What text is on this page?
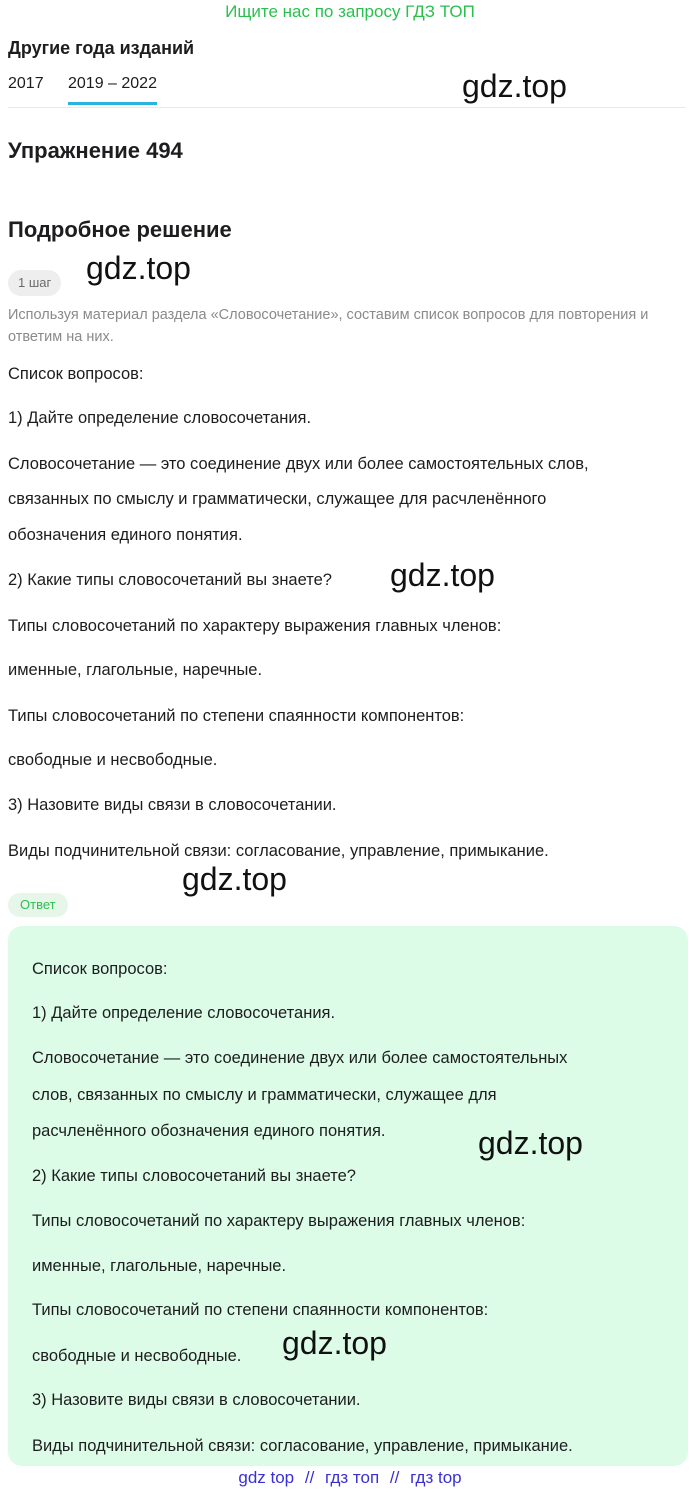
Ищите нас по запросу ГДЗ ТОП
Другие года изданий
2017 2019 – 2022	gdz.top
Упражнение 494
Подробное решение
1 шаг	gdz.top
Используя материал раздела «Словосочетание», составим список вопросов для повторения и ответим на них.
Список вопросов:
1) Дайте определение словосочетания.
Словосочетание — это соединение двух или более самостоятельных слов,
связанных по смыслу и грамматически, служащее для расчленённого
обозначения единого понятия.
2) Какие типы словосочетаний вы знаете? gdz.top
Типы словосочетаний по характеру выражения главных членов:
именные, глагольные, наречные.
Типы словосочетаний по степени спаянности компонентов:
свободные и несвободные.
3) Назовите виды связи в словосочетании.
Виды подчинительной связи: согласование, управление, примыкание.
gdz.top
Ответ
Список вопросов:
1) Дайте определение словосочетания.
Словосочетание — это соединение двух или более самостоятельных
слов, связанных по смыслу и грамматически, служащее для
расчленённого обозначения единого понятия.	gdz.top
2) Какие типы словосочетаний вы знаете?
Типы словосочетаний по характеру выражения главных членов:
именные, глагольные, наречные.
Типы словосочетаний по степени спаянности компонентов:
свободные и несвободные. gdz.top
3) Назовите виды связи в словосочетании.
Виды подчинительной связи: согласование, управление, примыкание.
gdz top // гдз топ // гдз top
